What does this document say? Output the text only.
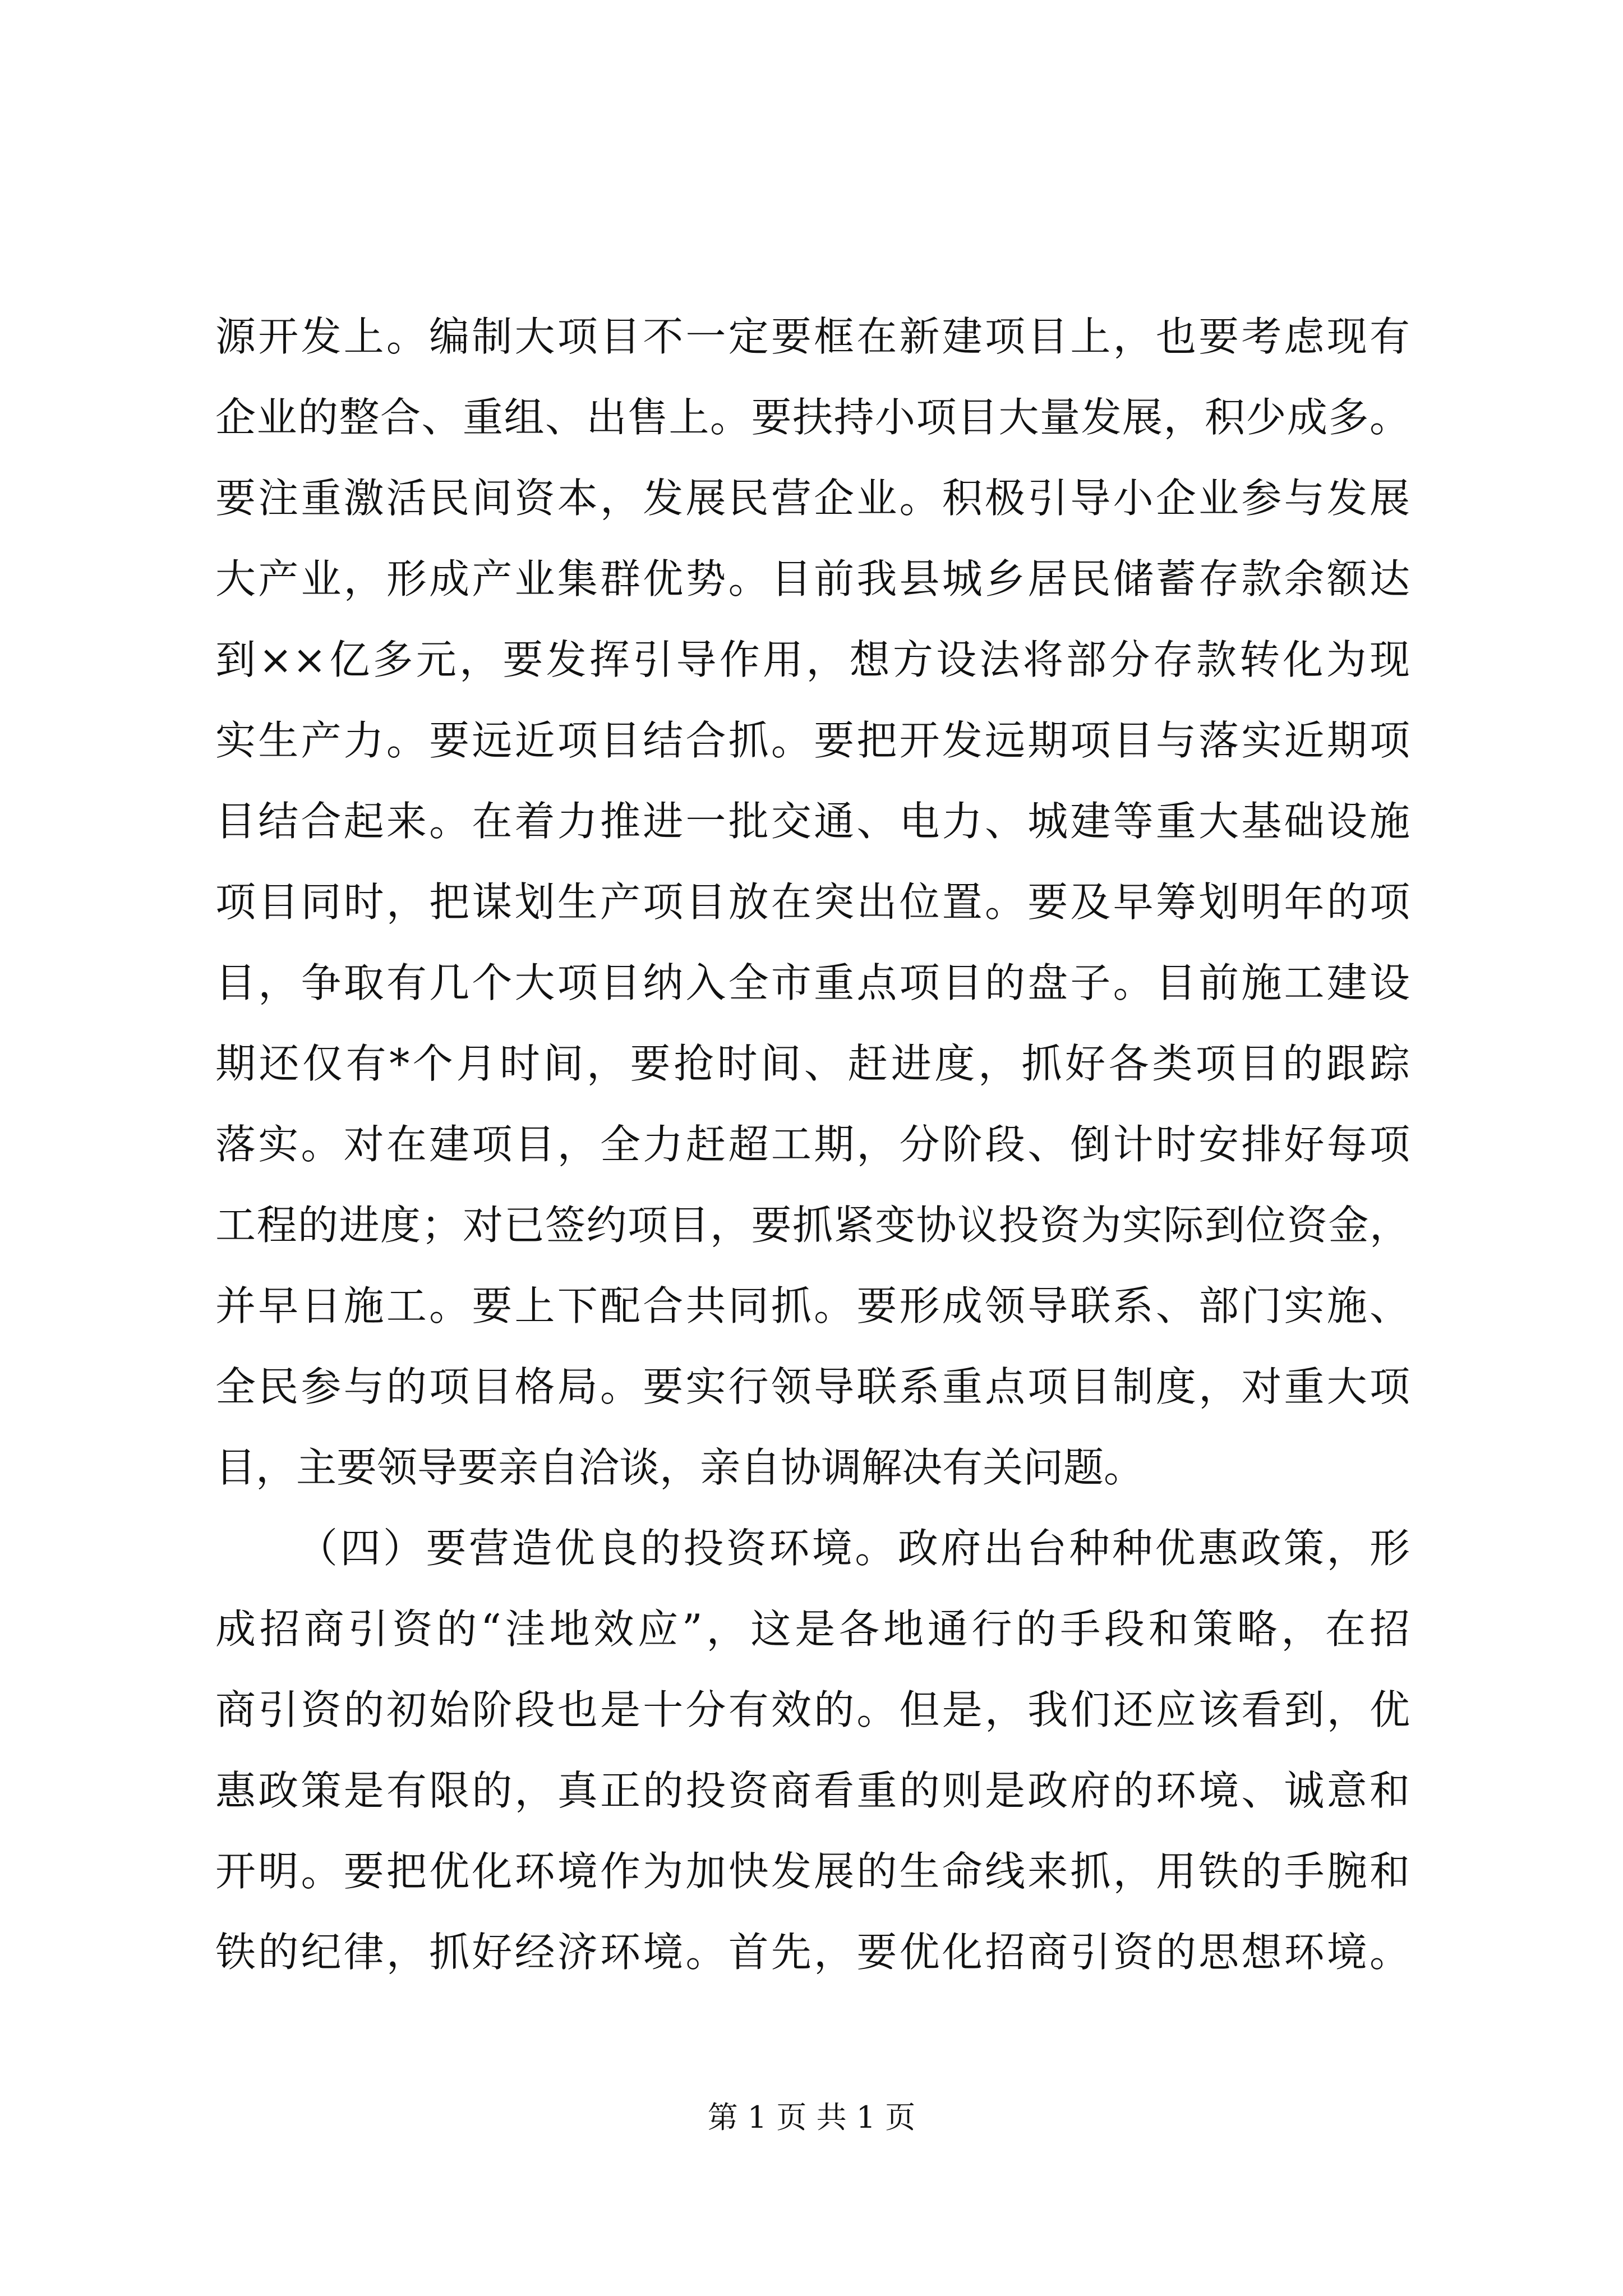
源开发上。编制大项目不一定要框在新建项目上，也要考虑现有
企业的整合、重组、出售上。要扶持小项目大量发展，积少成多。
要注重激活民间资本，发展民营企业。积极引导小企业参与发展
大产业，形成产业集群优势。目前我县城乡居民储蓄存款余额达
到××亿多元，要发挥引导作用，想方设法将部分存款转化为现
实生产力。要远近项目结合抓。要把开发远期项目与落实近期项
目结合起来。在着力推进一批交通、电力、城建等重大基础设施
项目同时，把谋划生产项目放在突出位置。要及早筹划明年的项
目，争取有几个大项目纳入全市重点项目的盘子。目前施工建设
期还仅有*个月时间，要抢时间、赶进度，抓好各类项目的跟踪
落实。对在建项目，全力赶超工期，分阶段、倒计时安排好每项
工程的进度；对已签约项目，要抓紧变协议投资为实际到位资金，
并早日施工。要上下配合共同抓。要形成领导联系、部门实施、
全民参与的项目格局。要实行领导联系重点项目制度，对重大项
目，主要领导要亲自洽谈，亲自协调解决有关问题。
（四）要营造优良的投资环境。政府出台种种优惠政策，形
成招商引资的“洼地效应”，这是各地通行的手段和策略，在招
商引资的初始阶段也是十分有效的。但是，我们还应该看到，优
惠政策是有限的，真正的投资商看重的则是政府的环境、诚意和
开明。要把优化环境作为加快发展的生命线来抓，用铁的手腕和
铁的纪律，抓好经济环境。首先，要优化招商引资的思想环境。
第 1 页 共 1 页
